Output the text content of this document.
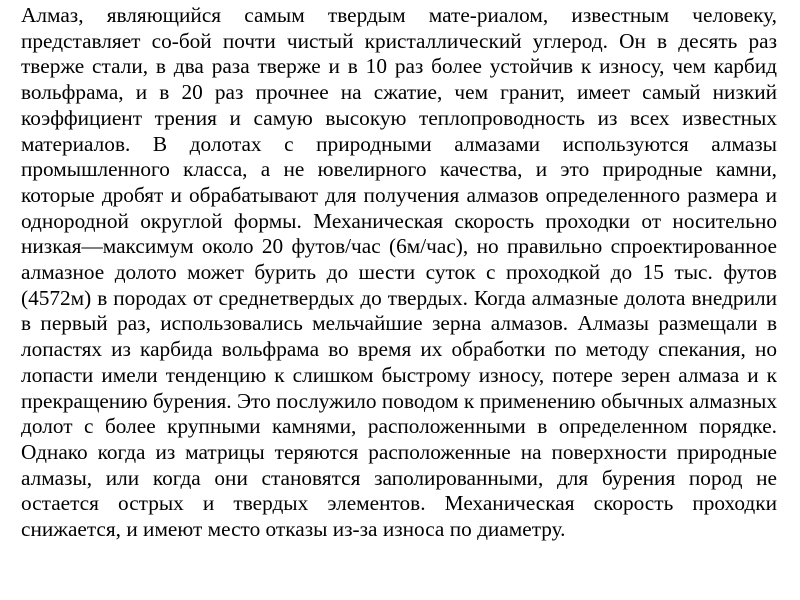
Алмаз, являющийся самым твердым мате-риалом, известным человеку, представляет со-бой почти чистый кристаллический углерод. Он в десять раз тверже стали, в два раза тверже и в 10 раз более устойчив к износу, чем карбид вольфрама, и в 20 раз прочнее на сжатие, чем гранит, имеет самый низкий коэффициент трения и самую высокую теплопроводность из всех известных материалов. В долотах с природными алмазами используются алмазы промышленного класса, а не ювелирного качества, и это природные камни, которые дробят и обрабатывают для получения алмазов определенного размера и однородной округлой формы. Механическая скорость проходки от носительно низкая—максимум около 20 футов/час (6м/час), но правильно спроектированное алмазное долото может бурить до шести суток с проходкой до 15 тыс. футов (4572м) в породах от среднетвердых до твердых. Когда алмазные долота внедрили в первый раз, использовались мельчайшие зерна алмазов. Алмазы размещали в лопастях из карбида вольфрама во время их обработки по методу спекания, но лопасти имели тенденцию к слишком быстрому износу, потере зерен алмаза и к прекращению бурения. Это послужило поводом к применению обычных алмазных долот с более крупными камнями, расположенными в определенном порядке. Однако когда из матрицы теряются расположенные на поверхности природные алмазы, или когда они становятся заполированными, для бурения пород не остается острых и твердых элементов. Механическая скорость проходки снижается, и имеют место отказы из-за износа по диаметру.
